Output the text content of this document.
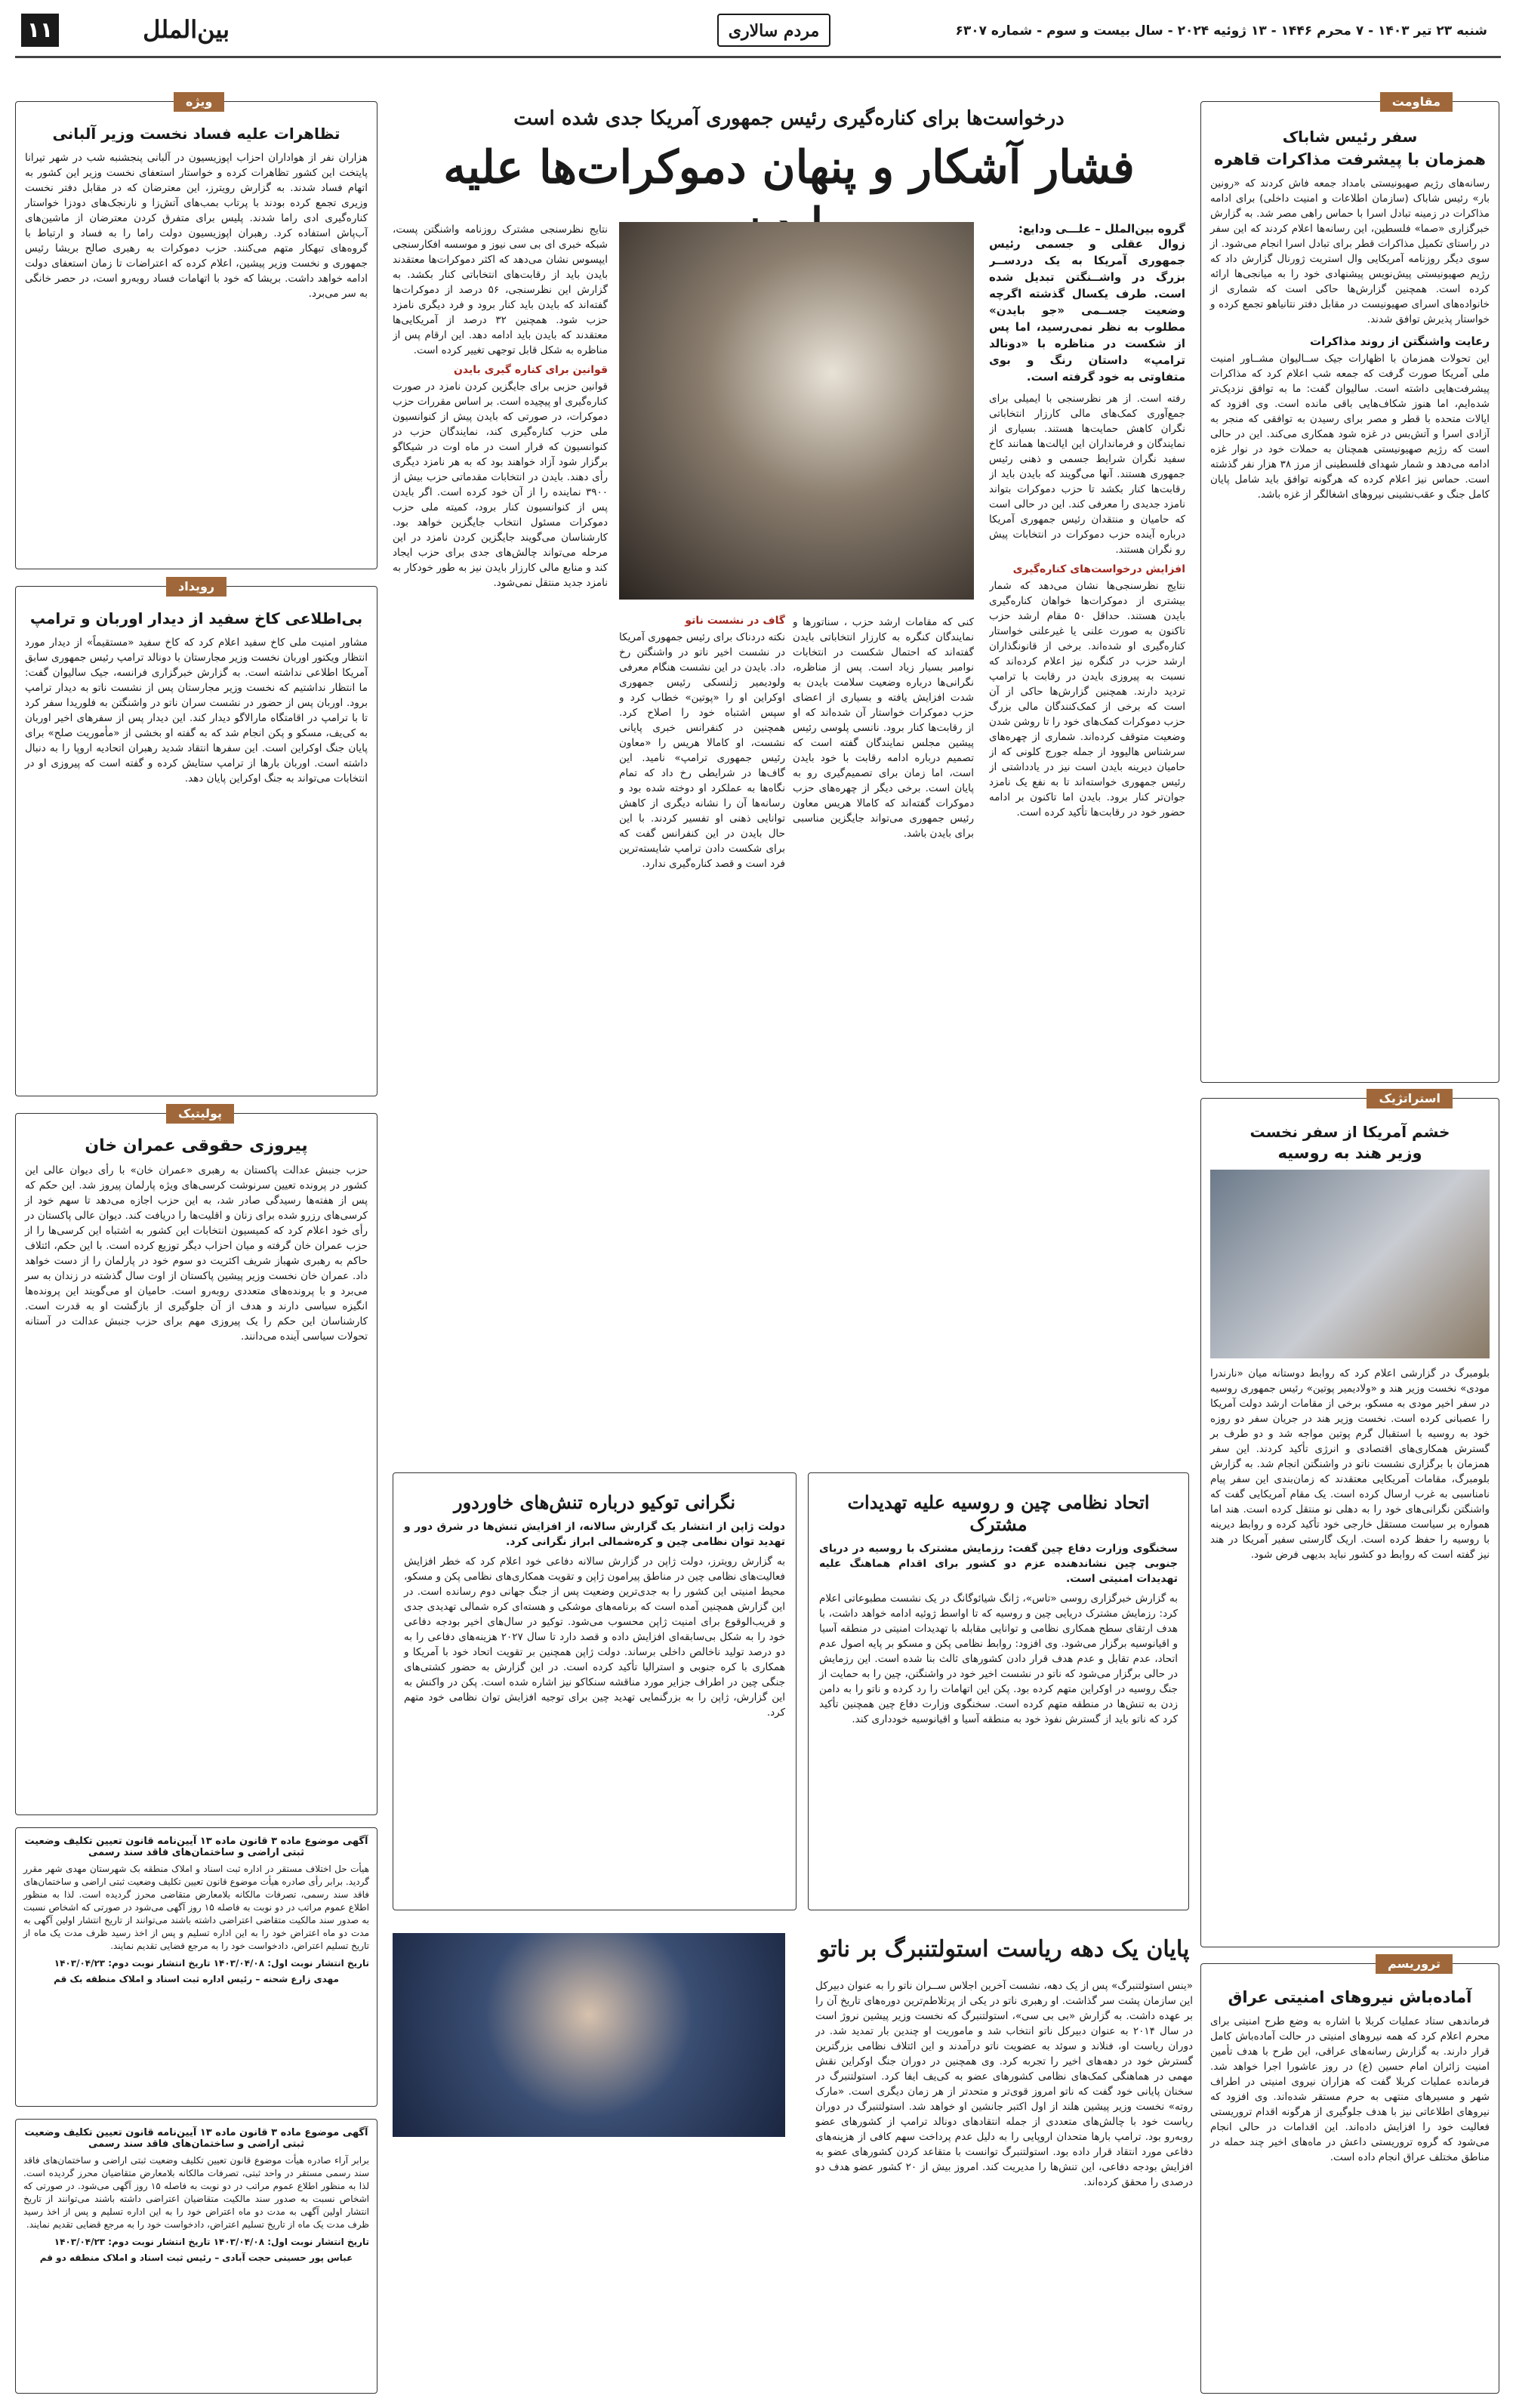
۱۱	بین‌الملل	مردم سالاری	شنبه ۲۳ تیر ۱۴۰۳ - ۷ محرم ۱۴۴۶ - ۱۳ ژوئیه ۲۰۲۴ - سال بیست و سوم - شماره ۶۳۰۷
سفر رئیس شاباک
همزمان با پیشرفت مذاکرات قاهره
رسانه‌های رژیم صهیونیستی بامداد جمعه فاش کردند که «رونین بار» رئیس شاباک (سازمان اطلاعات و امنیت داخلی) برای ادامه مذاکرات در زمینه تبادل اسرا با حماس راهی مصر شد. به گزارش خبرگزاری «صما» فلسطین، این رسانه‌ها اعلام کردند که این سفر در راستای تکمیل مذاکرات قطر برای تبادل اسرا انجام می‌شود. از سوی دیگر روزنامه آمریکایی وال استریت ژورنال گزارش داد که رژیم صهیونیستی پیش‌نویس پیشنهادی خود را به میانجی‌ها ارائه کرده است. همچنین گزارش‌ها حاکی است که شماری از خانواده‌های اسرای صهیونیست در مقابل دفتر نتانیاهو تجمع کرده و خواستار پذیرش توافق شدند.
رعایت واشنگتن از روند مذاکرات
این تحولات همزمان با اظهارات جیک ســالیوان مشــاور امنیت ملی آمریکا صورت گرفت که جمعه شب اعلام کرد که مذاکرات پیشرفت‌هایی داشته است. سالیوان گفت: ما به توافق نزدیک‌تر شده‌ایم، اما هنوز شکاف‌هایی باقی مانده است. وی افزود که ایالات متحده با قطر و مصر برای رسیدن به توافقی که منجر به آزادی اسرا و آتش‌بس در غزه شود همکاری می‌کند. این در حالی است که رژیم صهیونیستی همچنان به حملات خود در نوار غزه ادامه می‌دهد و شمار شهدای فلسطینی از مرز ۳۸ هزار نفر گذشته است. حماس نیز اعلام کرده که هرگونه توافق باید شامل پایان کامل جنگ و عقب‌نشینی نیروهای اشغالگر از غزه باشد.
مقاومت
خشم آمریکا از سفر نخست
وزیر هند به روسیه
بلومبرگ در گزارشی اعلام کرد که روابط دوستانه میان «نارندرا مودی» نخست وزیر هند و «ولادیمیر پوتین» رئیس جمهوری روسیه در سفر اخیر مودی به مسکو، برخی از مقامات ارشد دولت آمریکا را عصبانی کرده است. نخست وزیر هند در جریان سفر دو روزه خود به روسیه با استقبال گرم پوتین مواجه شد و دو طرف بر گسترش همکاری‌های اقتصادی و انرژی تأکید کردند. این سفر همزمان با برگزاری نشست ناتو در واشنگتن انجام شد. به گزارش بلومبرگ، مقامات آمریکایی معتقدند که زمان‌بندی این سفر پیام نامناسبی به غرب ارسال کرده است. یک مقام آمریکایی گفت که واشنگتن نگرانی‌های خود را به دهلی نو منتقل کرده است. هند اما همواره بر سیاست مستقل خارجی خود تأکید کرده و روابط دیرینه با روسیه را حفظ کرده است. اریک گارستی سفیر آمریکا در هند نیز گفته است که روابط دو کشور نباید بدیهی فرض شود.
استراتژیک
آماده‌باش نیروهای امنیتی عراق
فرماندهی ستاد عملیات کربلا با اشاره به وضع طرح امنیتی برای محرم اعلام کرد که همه نیروهای امنیتی در حالت آماده‌باش کامل قرار دارند. به گزارش رسانه‌های عراقی، این طرح با هدف تأمین امنیت زائران امام حسین (ع) در روز عاشورا اجرا خواهد شد. فرمانده عملیات کربلا گفت که هزاران نیروی امنیتی در اطراف شهر و مسیرهای منتهی به حرم مستقر شده‌اند. وی افزود که نیروهای اطلاعاتی نیز با هدف جلوگیری از هرگونه اقدام تروریستی فعالیت خود را افزایش داده‌اند. این اقدامات در حالی انجام می‌شود که گروه تروریستی داعش در ماه‌های اخیر چند حمله در مناطق مختلف عراق انجام داده است.
تروریسم
درخواست‌ها برای کناره‌گیری رئیس جمهوری آمریکا جدی شده است
فشار آشکار و پنهان دموکرات‌ها علیه
گروه بین‌الملل – علـــی ودایع:
زوال عقلی و جسمی رئیس جمهوری آمریکا به یک دردســر بزرگ در واشــنگتن تبدیل شده است. طرف یکسال گذشته اگرچه وضعیت جســمی «جو بایدن» مطلوب به نظر نمی‌رسید، اما پس از شکست در مناظره با «دونالد ترامپ» داستان رنگ و بوی متفاوتی به خود گرفته است.
رفته است. از هر نظرسنجی با ایمیلی برای جمع‌آوری کمک‌های مالی کارزار انتخاباتی نگران کاهش حمایت‌ها هستند. بسیاری از نمایندگان و فرمانداران این ایالت‌ها همانند کاخ سفید نگران شرایط جسمی و ذهنی رئیس جمهوری هستند. آنها می‌گویند که بایدن باید از رقابت‌ها کنار بکشد تا حزب دموکرات بتواند نامزد جدیدی را معرفی کند. این در حالی است که حامیان و منتقدان رئیس جمهوری آمریکا درباره آینده حزب دموکرات در انتخابات پیش رو نگران هستند.
افزایش درخواست‌های کناره‌گیری
نتایج نظرسنجی‌ها نشان می‌دهد که شمار بیشتری از دموکرات‌ها خواهان کناره‌گیری بایدن هستند. حداقل ۵۰ مقام ارشد حزب تاکنون به صورت علنی یا غیرعلنی خواستار کناره‌گیری او شده‌اند. برخی از قانونگذاران ارشد حزب در کنگره نیز اعلام کرده‌اند که نسبت به پیروزی بایدن در رقابت با ترامپ تردید دارند. همچنین گزارش‌ها حاکی از آن است که برخی از کمک‌کنندگان مالی بزرگ حزب دموکرات کمک‌های خود را تا روشن شدن وضعیت متوقف کرده‌اند. شماری از چهره‌های سرشناس هالیوود از جمله جورج کلونی که از حامیان دیرینه بایدن است نیز در یادداشتی از رئیس جمهوری خواسته‌اند تا به نفع یک نامزد جوان‌تر کنار برود. بایدن اما تاکنون بر ادامه حضور خود در رقابت‌ها تأکید کرده است.
کنی که مقامات ارشد حزب ، سناتورها و نمایندگان کنگره به کارزار انتخاباتی بایدن گفته‌اند که احتمال شکست در انتخابات نوامبر بسیار زیاد است. پس از مناظره، نگرانی‌ها درباره وضعیت سلامت بایدن به شدت افزایش یافته و بسیاری از اعضای حزب دموکرات خواستار آن شده‌اند که او از رقابت‌ها کنار برود. نانسی پلوسی رئیس پیشین مجلس نمایندگان گفته است که تصمیم درباره ادامه رقابت با خود بایدن است، اما زمان برای تصمیم‌گیری رو به پایان است. برخی دیگر از چهره‌های حزب دموکرات گفته‌اند که کامالا هریس معاون رئیس جمهوری می‌تواند جایگزین مناسبی برای بایدن باشد.
گاف در نشست ناتو
نکته دردناک برای رئیس جمهوری آمریکا در نشست اخیر ناتو در واشنگتن رخ داد. بایدن در این نشست هنگام معرفی ولودیمیر زلنسکی رئیس جمهوری اوکراین او را «پوتین» خطاب کرد و سپس اشتباه خود را اصلاح کرد. همچنین در کنفرانس خبری پایانی نشست، او کامالا هریس را «معاون رئیس جمهوری ترامپ» نامید. این گاف‌ها در شرایطی رخ داد که تمام نگاه‌ها به عملکرد او دوخته شده بود و رسانه‌ها آن را نشانه دیگری از کاهش توانایی ذهنی او تفسیر کردند. با این حال بایدن در این کنفرانس گفت که برای شکست دادن ترامپ شایسته‌ترین فرد است و قصد کناره‌گیری ندارد.
نتایج نظرسنجی مشترک روزنامه واشنگتن پست، شبکه خبری ای بی سی نیوز و موسسه افکارسنجی ایپسوس نشان می‌دهد که اکثر دموکرات‌ها معتقدند بایدن باید از رقابت‌های انتخاباتی کنار بکشد. به گزارش این نظرسنجی، ۵۶ درصد از دموکرات‌ها گفته‌اند که بایدن باید کنار برود و فرد دیگری نامزد حزب شود. همچنین ۳۲ درصد از آمریکایی‌ها معتقدند که بایدن باید ادامه دهد. این ارقام پس از مناظره به شکل قابل توجهی تغییر کرده است.
قوانین برای کناره گیری بایدن
قوانین حزبی برای جایگزین کردن نامزد در صورت کناره‌گیری او پیچیده است. بر اساس مقررات حزب دموکرات، در صورتی که بایدن پیش از کنوانسیون ملی حزب کناره‌گیری کند، نمایندگان حزب در کنوانسیون که قرار است در ماه اوت در شیکاگو برگزار شود آزاد خواهند بود که به هر نامزد دیگری رأی دهند. بایدن در انتخابات مقدماتی حزب بیش از ۳۹۰۰ نماینده را از آن خود کرده است. اگر بایدن پس از کنوانسیون کنار برود، کمیته ملی حزب دموکرات مسئول انتخاب جایگزین خواهد بود. کارشناسان می‌گویند جایگزین کردن نامزد در این مرحله می‌تواند چالش‌های جدی برای حزب ایجاد کند و منابع مالی کارزار بایدن نیز به طور خودکار به نامزد جدید منتقل نمی‌شود.
اتحاد نظامی چین و روسیه علیه تهدیدات مشترک
سخنگوی وزارت دفاع چین گفت: رزمایش مشترک با روسیه در دریای جنوبی چین نشاندهنده عزم دو کشور برای اقدام هماهنگ علیه تهدیدات امنیتی است.
به گزارش خبرگزاری روسی «تاس»، ژانگ شیائوگانگ در یک نشست مطبوعاتی اعلام کرد: رزمایش مشترک دریایی چین و روسیه که تا اواسط ژوئیه ادامه خواهد داشت، با هدف ارتقای سطح همکاری نظامی و توانایی مقابله با تهدیدات امنیتی در منطقه آسیا و اقیانوسیه برگزار می‌شود. وی افزود: روابط نظامی پکن و مسکو بر پایه اصول عدم اتحاد، عدم تقابل و عدم هدف قرار دادن کشورهای ثالث بنا شده است. این رزمایش در حالی برگزار می‌شود که ناتو در نشست اخیر خود در واشنگتن، چین را به حمایت از جنگ روسیه در اوکراین متهم کرده بود. پکن این اتهامات را رد کرده و ناتو را به دامن زدن به تنش‌ها در منطقه متهم کرده است. سخنگوی وزارت دفاع چین همچنین تأکید کرد که ناتو باید از گسترش نفوذ خود به منطقه آسیا و اقیانوسیه خودداری کند.
نگرانی توکیو درباره تنش‌های خاوردور
دولت ژاپن از انتشار یک گزارش سالانه، از افزایش تنش‌ها در شرق دور و تهدید توان نظامی چین و کره‌شمالی ابراز نگرانی کرد.
به گزارش رویترز، دولت ژاپن در گزارش سالانه دفاعی خود اعلام کرد که خطر افزایش فعالیت‌های نظامی چین در مناطق پیرامون ژاپن و تقویت همکاری‌های نظامی پکن و مسکو، محیط امنیتی این کشور را به جدی‌ترین وضعیت پس از جنگ جهانی دوم رسانده است. در این گزارش همچنین آمده است که برنامه‌های موشکی و هسته‌ای کره شمالی تهدیدی جدی و قریب‌الوقوع برای امنیت ژاپن محسوب می‌شود. توکیو در سال‌های اخیر بودجه دفاعی خود را به شکل بی‌سابقه‌ای افزایش داده و قصد دارد تا سال ۲۰۲۷ هزینه‌های دفاعی را به دو درصد تولید ناخالص داخلی برساند. دولت ژاپن همچنین بر تقویت اتحاد خود با آمریکا و همکاری با کره جنوبی و استرالیا تأکید کرده است. در این گزارش به حضور کشتی‌های جنگی چین در اطراف جزایر مورد مناقشه سنکاکو نیز اشاره شده است. پکن در واکنش به این گزارش، ژاپن را به بزرگنمایی تهدید چین برای توجیه افزایش توان نظامی خود متهم کرد.
پایان یک دهه ریاست استولتنبرگ بر ناتو
«ینس استولتنبرگ» پس از یک دهه، نشست آخرین اجلاس ســران ناتو را به عنوان دبیرکل این سازمان پشت سر گذاشت. او رهبری ناتو در یکی از پرتلاطم‌ترین دوره‌های تاریخ آن را بر عهده داشت. به گزارش «بی بی سی»، استولتنبرگ که نخست وزیر پیشین نروژ است در سال ۲۰۱۴ به عنوان دبیرکل ناتو انتخاب شد و ماموریت او چندین بار تمدید شد. در دوران ریاست او، فنلاند و سوئد به عضویت ناتو درآمدند و این ائتلاف نظامی بزرگترین گسترش خود در دهه‌های اخیر را تجربه کرد. وی همچنین در دوران جنگ اوکراین نقش مهمی در هماهنگی کمک‌های نظامی کشورهای عضو به کی‌یف ایفا کرد. استولتنبرگ در سخنان پایانی خود گفت که ناتو امروز قوی‌تر و متحدتر از هر زمان دیگری است. «مارک روته» نخست وزیر پیشین هلند از اول اکتبر جانشین او خواهد شد. استولتنبرگ در دوران ریاست خود با چالش‌های متعددی از جمله انتقادهای دونالد ترامپ از کشورهای عضو روبه‌رو بود. ترامپ بارها متحدان اروپایی را به دلیل عدم پرداخت سهم کافی از هزینه‌های دفاعی مورد انتقاد قرار داده بود. استولتنبرگ توانست با متقاعد کردن کشورهای عضو به افزایش بودجه دفاعی، این تنش‌ها را مدیریت کند. امروز بیش از ۲۰ کشور عضو هدف دو درصدی را محقق کرده‌اند.
تظاهرات علیه فساد نخست وزیر آلبانی
هزاران نفر از هواداران احزاب اپوزیسیون در آلبانی پنجشنبه شب در شهر تیرانا پایتخت این کشور تظاهرات کرده و خواستار استعفای نخست وزیر این کشور به اتهام فساد شدند. به گزارش رویترز، این معترضان که در مقابل دفتر نخست وزیری تجمع کرده بودند با پرتاب بمب‌های آتش‌زا و نارنجک‌های دودزا خواستار کناره‌گیری ادی راما شدند. پلیس برای متفرق کردن معترضان از ماشین‌های آب‌پاش استفاده کرد. رهبران اپوزیسیون دولت راما را به فساد و ارتباط با گروه‌های تبهکار متهم می‌کنند. حزب دموکرات به رهبری صالح بریشا رئیس جمهوری و نخست وزیر پیشین، اعلام کرده که اعتراضات تا زمان استعفای دولت ادامه خواهد داشت. بریشا که خود با اتهامات فساد روبه‌رو است، در حصر خانگی به سر می‌برد.
ویژه
بی‌اطلاعی کاخ سفید از دیدار اوربان و ترامپ
مشاور امنیت ملی کاخ سفید اعلام کرد که کاخ سفید «مستقیماً» از دیدار مورد انتظار ویکتور اوربان نخست وزیر مجارستان با دونالد ترامپ رئیس جمهوری سابق آمریکا اطلاعی نداشته است. به گزارش خبرگزاری فرانسه، جیک سالیوان گفت: ما انتظار نداشتیم که نخست وزیر مجارستان پس از نشست ناتو به دیدار ترامپ برود. اوربان پس از حضور در نشست سران ناتو در واشنگتن به فلوریدا سفر کرد تا با ترامپ در اقامتگاه مارالاگو دیدار کند. این دیدار پس از سفرهای اخیر اوربان به کی‌یف، مسکو و پکن انجام شد که به گفته او بخشی از «مأموریت صلح» برای پایان جنگ اوکراین است. این سفرها انتقاد شدید رهبران اتحادیه اروپا را به دنبال داشته است. اوربان بارها از ترامپ ستایش کرده و گفته است که پیروزی او در انتخابات می‌تواند به جنگ اوکراین پایان دهد.
رویداد
پیروزی حقوقی عمران خان
حزب جنبش عدالت پاکستان به رهبری «عمران خان» با رأی دیوان عالی این کشور در پرونده تعیین سرنوشت کرسی‌های ویژه پارلمان پیروز شد. این حکم که پس از هفته‌ها رسیدگی صادر شد، به این حزب اجازه می‌دهد تا سهم خود از کرسی‌های رزرو شده برای زنان و اقلیت‌ها را دریافت کند. دیوان عالی پاکستان در رأی خود اعلام کرد که کمیسیون انتخابات این کشور به اشتباه این کرسی‌ها را از حزب عمران خان گرفته و میان احزاب دیگر توزیع کرده است. با این حکم، ائتلاف حاکم به رهبری شهباز شریف اکثریت دو سوم خود در پارلمان را از دست خواهد داد. عمران خان نخست وزیر پیشین پاکستان از اوت سال گذشته در زندان به سر می‌برد و با پرونده‌های متعددی روبه‌رو است. حامیان او می‌گویند این پرونده‌ها انگیزه سیاسی دارند و هدف از آن جلوگیری از بازگشت او به قدرت است. کارشناسان این حکم را یک پیروزی مهم برای حزب جنبش عدالت در آستانه تحولات سیاسی آینده می‌دانند.
پولیتیک
آگهی موضوع ماده ۳ قانون ماده ۱۳ آیین‌نامه قانون تعیین تکلیف وضعیت ثبتی اراضی و ساختمان‌های فاقد سند رسمی
هیأت حل اختلاف مستقر در اداره ثبت اسناد و املاک منطقه بک شهرستان مهدی شهر مقرر گردید. برابر رأی صادره هیأت موضوع قانون تعیین تکلیف وضعیت ثبتی اراضی و ساختمان‌های فاقد سند رسمی، تصرفات مالکانه بلامعارض متقاضی محرز گردیده است. لذا به منظور اطلاع عموم مراتب در دو نوبت به فاصله ۱۵ روز آگهی می‌شود در صورتی که اشخاص نسبت به صدور سند مالکیت متقاضی اعتراضی داشته باشند می‌توانند از تاریخ انتشار اولین آگهی به مدت دو ماه اعتراض خود را به این اداره تسلیم و پس از اخذ رسید ظرف مدت یک ماه از تاریخ تسلیم اعتراض، دادخواست خود را به مرجع قضایی تقدیم نمایند.
تاریخ انتشار نوبت اول: ۱۴۰۳/۰۴/۰۸ تاریخ انتشار نوبت دوم: ۱۴۰۳/۰۴/۲۳
مهدی زارع شحنه – رئیس اداره ثبت اسناد و املاک منطقه بک قم
آگهی موضوع ماده ۳ قانون ماده ۱۳ آیین‌نامه قانون تعیین تکلیف وضعیت ثبتی اراضی و ساختمان‌های فاقد سند رسمی
برابر آراء صادره هیأت موضوع قانون تعیین تکلیف وضعیت ثبتی اراضی و ساختمان‌های فاقد سند رسمی مستقر در واحد ثبتی، تصرفات مالکانه بلامعارض متقاضیان محرز گردیده است. لذا به منظور اطلاع عموم مراتب در دو نوبت به فاصله ۱۵ روز آگهی می‌شود. در صورتی که اشخاص نسبت به صدور سند مالکیت متقاضیان اعتراضی داشته باشند می‌توانند از تاریخ انتشار اولین آگهی به مدت دو ماه اعتراض خود را به این اداره تسلیم و پس از اخذ رسید ظرف مدت یک ماه از تاریخ تسلیم اعتراض، دادخواست خود را به مرجع قضایی تقدیم نمایند.
تاریخ انتشار نوبت اول: ۱۴۰۳/۰۴/۰۸ تاریخ انتشار نوبت دوم: ۱۴۰۳/۰۴/۲۳
عباس پور حسینی حجت آبادی – رئیس ثبت اسناد و املاک منطقه دو قم
